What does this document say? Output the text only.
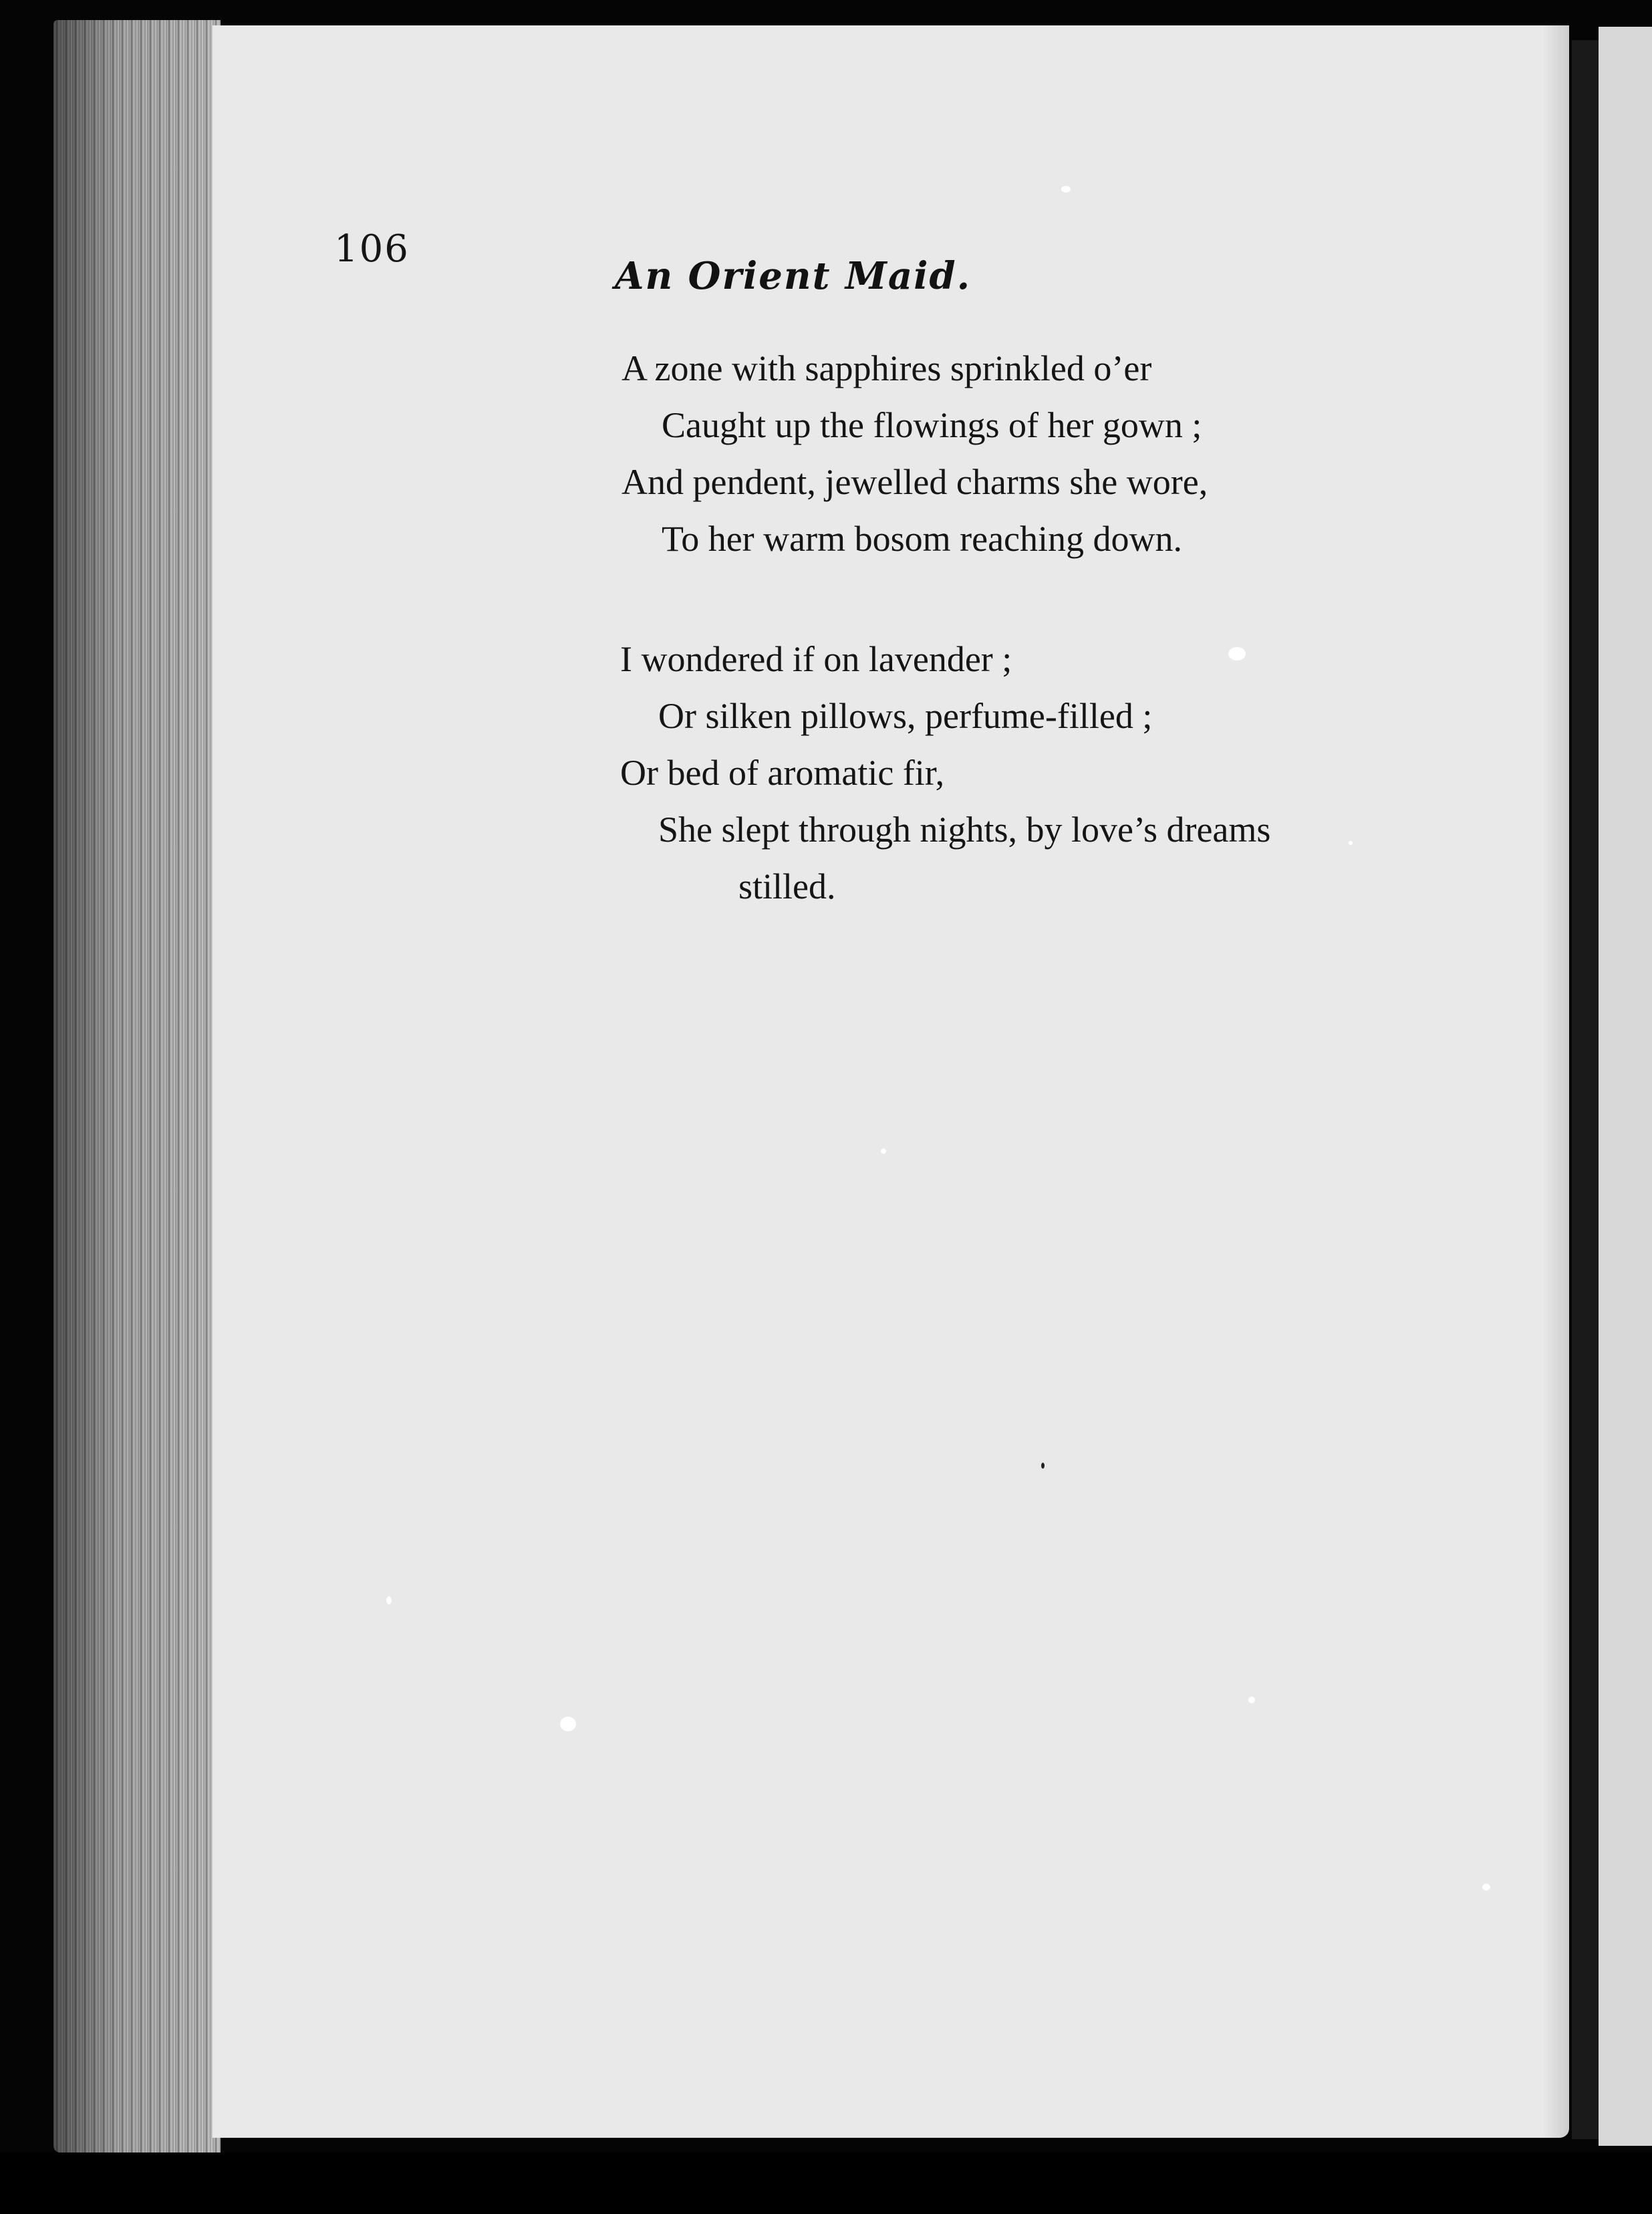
106
An Orient Maid.
A zone with sapphires sprinkled o’er
Caught up the flowings of her gown ;
And pendent, jewelled charms she wore,
To her warm bosom reaching down.
I wondered if on lavender ;
Or silken pillows, perfume-filled ;
Or bed of aromatic fir,
She slept through nights, by love’s dreams
stilled.
